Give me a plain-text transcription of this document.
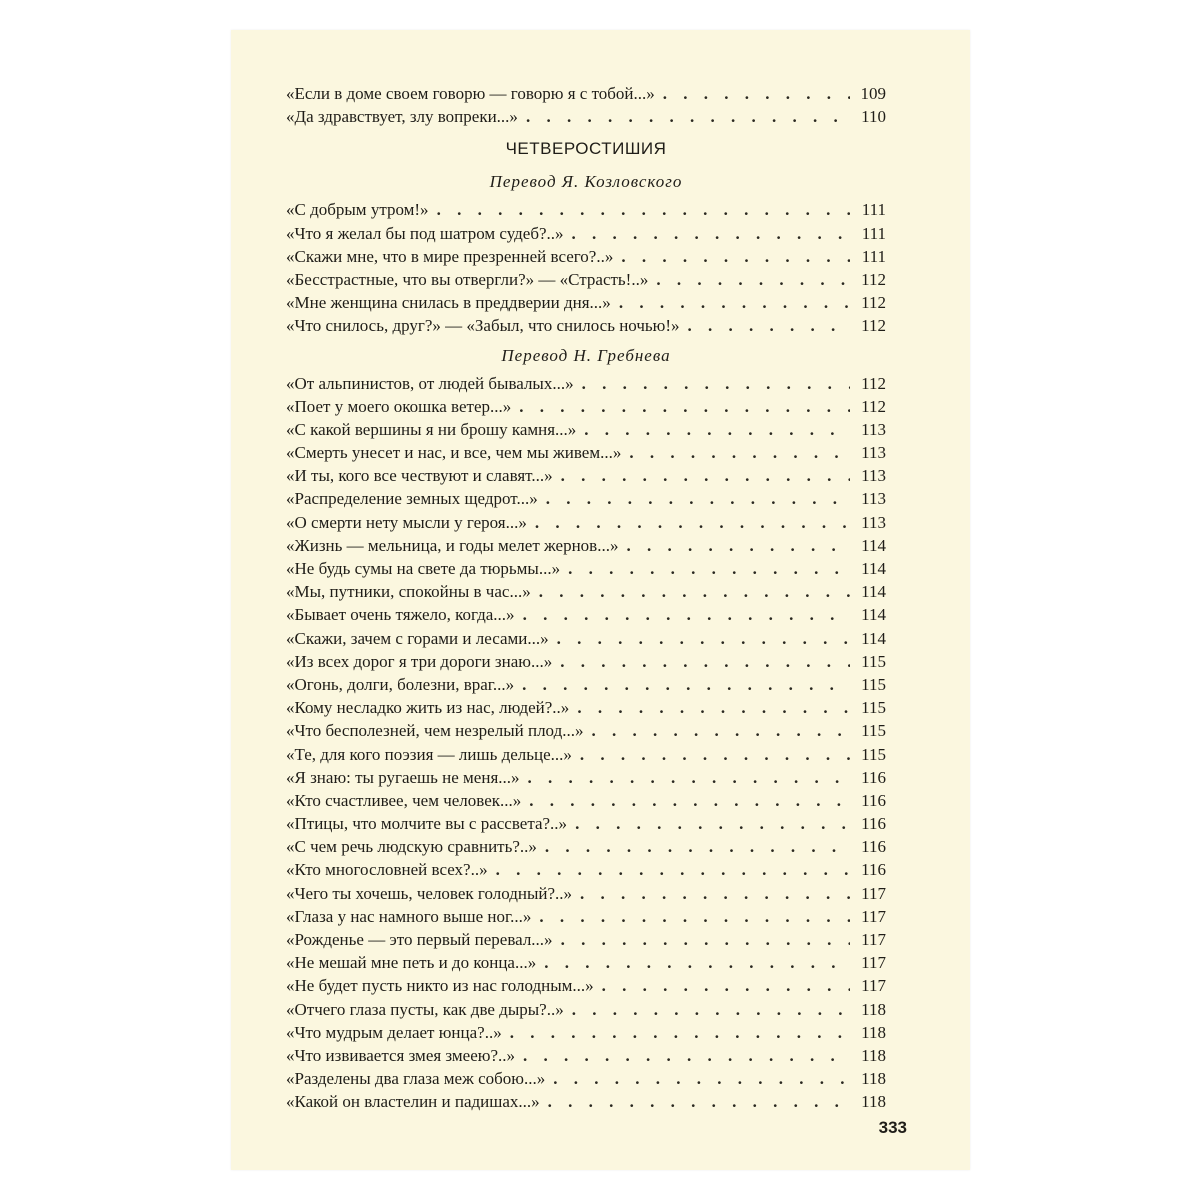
«Если в доме своем говорю — говорю я с тобой...» . . .	109
«Да здравствует, злу вопреки...» . . .	110
ЧЕТВЕРОСТИШИЯ
Перевод Я. Козловского
«С добрым утром!» . . .	111
«Что я желал бы под шатром судеб?..» . . .	111
«Скажи мне, что в мире презренней всего?..» . . .	111
«Бесстрастные, что вы отвергли?» — «Страсть!..» . . .	112
«Мне женщина снилась в преддверии дня...» . . .	112
«Что снилось, друг?» — «Забыл, что снилось ночью!» . . .	112
Перевод Н. Гребнева
«От альпинистов, от людей бывалых...» . . .	112
«Поет у моего окошка ветер...» . . .	112
«С какой вершины я ни брошу камня...» . . .	113
«Смерть унесет и нас, и все, чем мы живем...» . . .	113
«И ты, кого все чествуют и славят...» . . .	113
«Распределение земных щедрот...» . . .	113
«О смерти нету мысли у героя...» . . .	113
«Жизнь — мельница, и годы мелет жернов...» . . .	114
«Не будь сумы на свете да тюрьмы...» . . .	114
«Мы, путники, спокойны в час...» . . .	114
«Бывает очень тяжело, когда...» . . .	114
«Скажи, зачем с горами и лесами...» . . .	114
«Из всех дорог я три дороги знаю...» . . .	115
«Огонь, долги, болезни, враг...» . . .	115
«Кому несладко жить из нас, людей?..» . . .	115
«Что бесполезней, чем незрелый плод...» . . .	115
«Те, для кого поэзия — лишь дельце...» . . .	115
«Я знаю: ты ругаешь не меня...» . . .	116
«Кто счастливее, чем человек...» . . .	116
«Птицы, что молчите вы с рассвета?..» . . .	116
«С чем речь людскую сравнить?..» . . .	116
«Кто многословней всех?..» . . .	116
«Чего ты хочешь, человек голодный?..» . . .	117
«Глаза у нас намного выше ног...» . . .	117
«Рожденье — это первый перевал...» . . .	117
«Не мешай мне петь и до конца...» . . .	117
«Не будет пусть никто из нас голодным...» . . .	117
«Отчего глаза пусты, как две дыры?..» . . .	118
«Что мудрым делает юнца?..» . . .	118
«Что извивается змея змеею?..» . . .	118
«Разделены два глаза меж собою...» . . .	118
«Какой он властелин и падишах...» . . .	118
333
